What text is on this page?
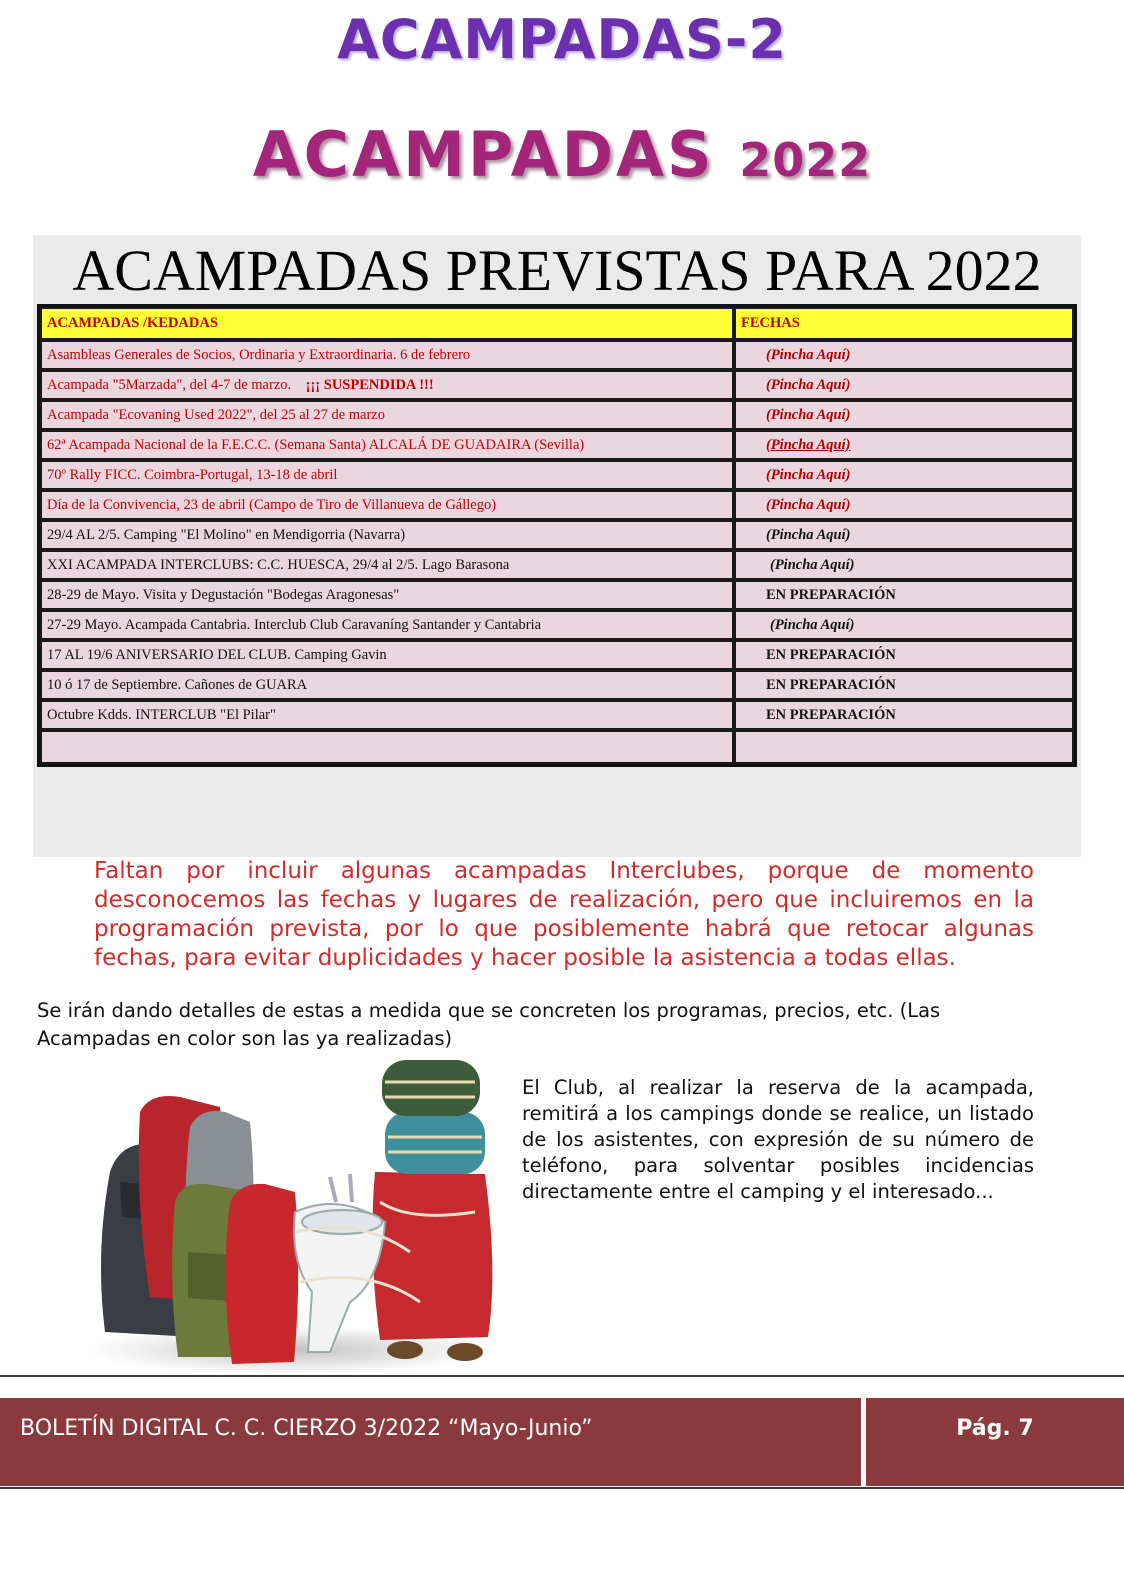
ACAMPADAS-2
ACAMPADAS 2022
ACAMPADAS PREVISTAS PARA 2022
ACAMPADAS /KEDADAS	FECHAS
Asambleas Generales de Socios, Ordinaria y Extraordinaria. 6 de febrero	(Pincha Aquí)
Acampada "5Marzada", del 4-7 de marzo. ¡¡¡ SUSPENDIDA !!!	(Pincha Aquí)
Acampada "Ecovaning Used 2022", del 25 al 27 de marzo	(Pincha Aquí)
62ª Acampada Nacional de la F.E.C.C. (Semana Santa) ALCALÁ DE GUADAIRA (Sevilla)	(Pincha Aquí)
70º Rally FICC. Coimbra-Portugal, 13-18 de abril	(Pincha Aquí)
Día de la Convivencia, 23 de abril (Campo de Tiro de Villanueva de Gállego)	(Pincha Aquí)
29/4 AL 2/5. Camping "El Molino" en Mendigorria (Navarra)	(Pincha Aquí)
XXI ACAMPADA INTERCLUBS: C.C. HUESCA, 29/4 al 2/5. Lago Barasona	(Pincha Aquí)
28-29 de Mayo. Visita y Degustación "Bodegas Aragonesas"	EN PREPARACIÓN
27-29 Mayo. Acampada Cantabria. Interclub Club Caravaníng Santander y Cantabria	(Pincha Aquí)
17 AL 19/6 ANIVERSARIO DEL CLUB. Camping Gavin	EN PREPARACIÓN
10 ó 17 de Septiembre. Cañones de GUARA	EN PREPARACIÓN
Octubre Kdds. INTERCLUB "El Pilar"	EN PREPARACIÓN

Faltan por incluir algunas acampadas Interclubes, porque de momento desconocemos las fechas y lugares de realización, pero que incluiremos en la programación prevista, por lo que posiblemente habrá que retocar algunas fechas, para evitar duplicidades y hacer posible la asistencia a todas ellas.
Se irán dando detalles de estas a medida que se concreten los programas, precios, etc. (Las Acampadas en color son las ya realizadas)
El Club, al realizar la reserva de la acampada, remitirá a los campings donde se realice, un listado de los asistentes, con expresión de su número de teléfono, para solventar posibles incidencias directamente entre el camping y el interesado...
BOLETÍN DIGITAL C. C. CIERZO 3/2022 “Mayo-Junio”	Pág. 7
